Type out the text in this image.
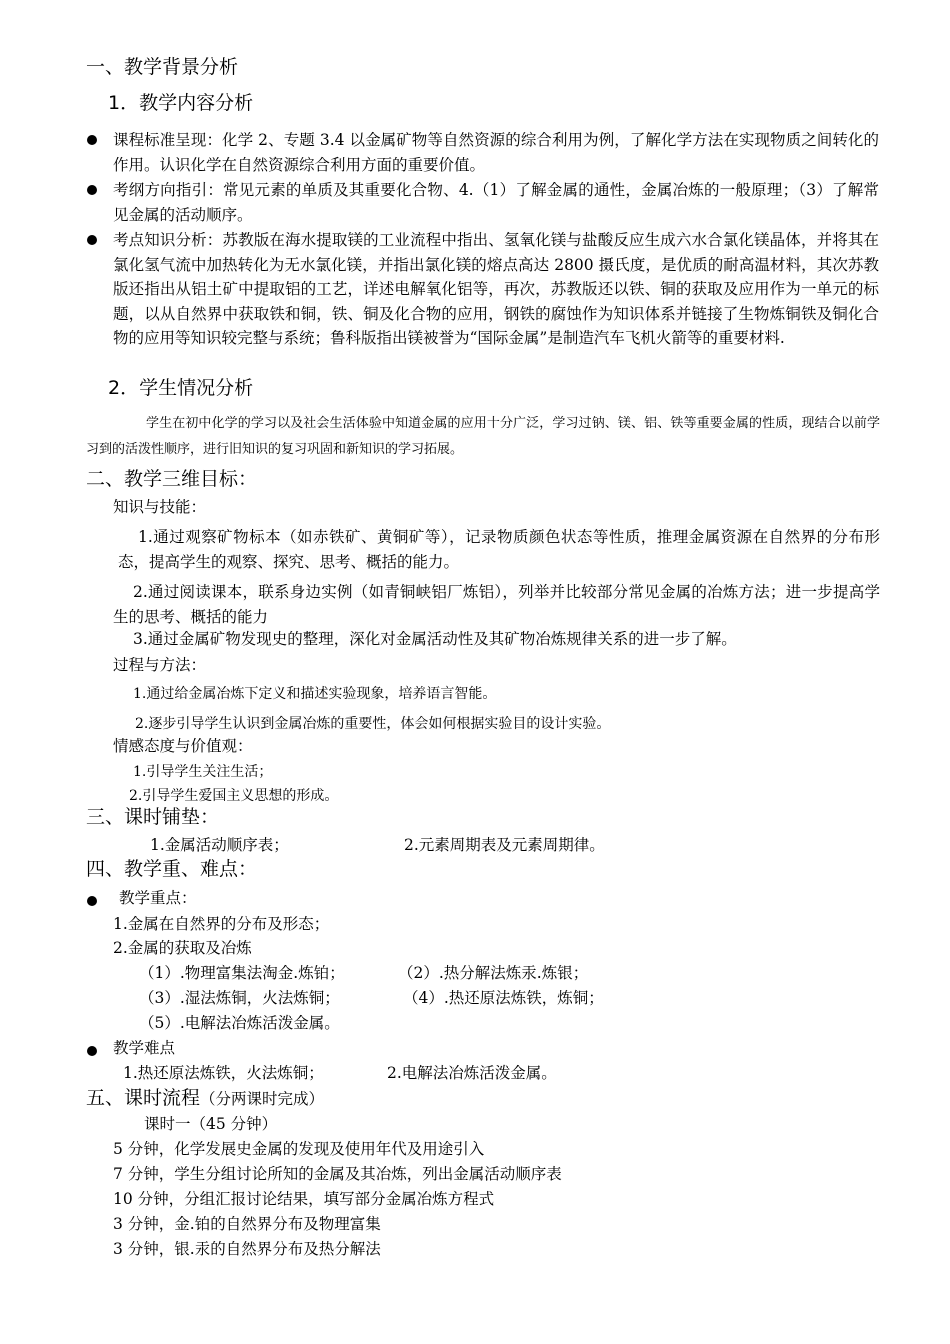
一、教学背景分析
1．教学内容分析
课程标准呈现：化学 2、专题 3.4 以金属矿物等自然资源的综合利用为例，了解化学方法在实现物质之间转化的作用。认识化学在自然资源综合利用方面的重要价值。
考纲方向指引：常见元素的单质及其重要化合物、4.（1）了解金属的通性，金属冶炼的一般原理；（3）了解常见金属的活动顺序。
考点知识分析：苏教版在海水提取镁的工业流程中指出、氢氧化镁与盐酸反应生成六水合氯化镁晶体，并将其在氯化氢气流中加热转化为无水氯化镁，并指出氯化镁的熔点高达 2800 摄氏度，是优质的耐高温材料，其次苏教版还指出从铝土矿中提取铝的工艺，详述电解氧化铝等，再次，苏教版还以铁、铜的获取及应用作为一单元的标题，以从自然界中获取铁和铜，铁、铜及化合物的应用，钢铁的腐蚀作为知识体系并链接了生物炼铜铁及铜化合物的应用等知识较完整与系统；鲁科版指出镁被誉为“国际金属”是制造汽车飞机火箭等的重要材料.
2．学生情况分析
学生在初中化学的学习以及社会生活体验中知道金属的应用十分广泛，学习过钠、镁、铝、铁等重要金属的性质，现结合以前学习到的活泼性顺序，进行旧知识的复习巩固和新知识的学习拓展。
二、教学三维目标：
知识与技能：
1.通过观察矿物标本（如赤铁矿、黄铜矿等），记录物质颜色状态等性质，推理金属资源在自然界的分布形态，提高学生的观察、探究、思考、概括的能力。
2.通过阅读课本，联系身边实例（如青铜峡铝厂炼铝），列举并比较部分常见金属的冶炼方法；进一步提高学生的思考、概括的能力
3.通过金属矿物发现史的整理，深化对金属活动性及其矿物冶炼规律关系的进一步了解。
过程与方法：
1.通过给金属冶炼下定义和描述实验现象，培养语言智能。
2.逐步引导学生认识到金属冶炼的重要性，体会如何根据实验目的设计实验。
情感态度与价值观：
1.引导学生关注生活；
2.引导学生爱国主义思想的形成。
三、课时铺垫：
1.金属活动顺序表；	2.元素周期表及元素周期律。
四、教学重、难点：
教学重点：
1.金属在自然界的分布及形态；
2.金属的获取及冶炼
（1）.物理富集法淘金.炼铂；	（2）.热分解法炼汞.炼银；
（3）.湿法炼铜，火法炼铜；	（4）.热还原法炼铁，炼铜；
（5）.电解法冶炼活泼金属。
教学难点
1.热还原法炼铁，火法炼铜；	2.电解法冶炼活泼金属。
五、课时流程（分两课时完成）
课时一（45 分钟）
5 分钟，化学发展史金属的发现及使用年代及用途引入
7 分钟，学生分组讨论所知的金属及其冶炼，列出金属活动顺序表
10 分钟，分组汇报讨论结果，填写部分金属冶炼方程式
3 分钟，金.铂的自然界分布及物理富集
3 分钟，银.汞的自然界分布及热分解法
